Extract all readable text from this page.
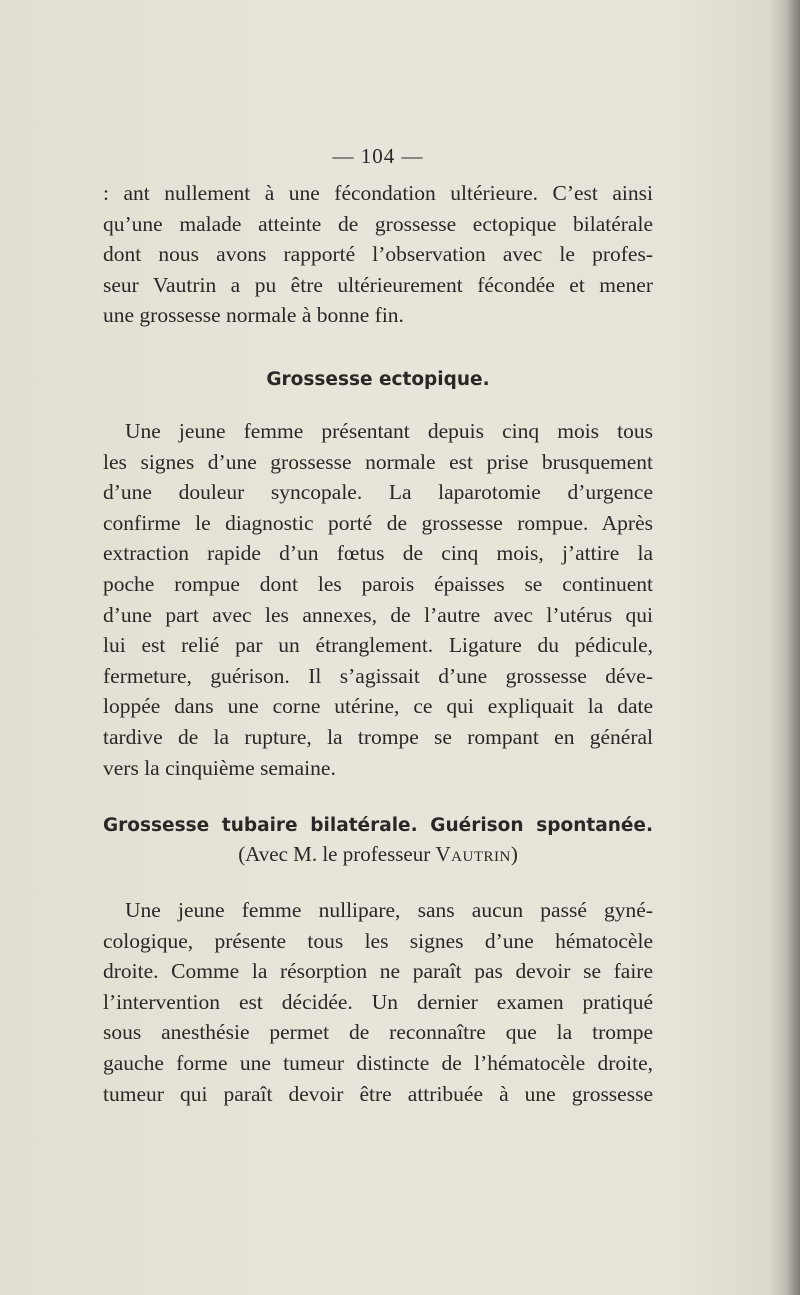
— 104 —
: ant nullement à une fécondation ultérieure. C’est ainsi
qu’une malade atteinte de grossesse ectopique bilatérale
dont nous avons rapporté l’observation avec le profes-
seur Vautrin a pu être ultérieurement fécondée et mener
une grossesse normale à bonne fin.
Grossesse ectopique.
Une jeune femme présentant depuis cinq mois tous
les signes d’une grossesse normale est prise brusquement
d’une douleur syncopale. La laparotomie d’urgence
confirme le diagnostic porté de grossesse rompue. Après
extraction rapide d’un fœtus de cinq mois, j’attire la
poche rompue dont les parois épaisses se continuent
d’une part avec les annexes, de l’autre avec l’utérus qui
lui est relié par un étranglement. Ligature du pédicule,
fermeture, guérison. Il s’agissait d’une grossesse déve-
loppée dans une corne utérine, ce qui expliquait la date
tardive de la rupture, la trompe se rompant en général
vers la cinquième semaine.
Grossesse tubaire bilatérale. Guérison spontanée.
(Avec M. le professeur Vautrin)
Une jeune femme nullipare, sans aucun passé gyné-
cologique, présente tous les signes d’une hématocèle
droite. Comme la résorption ne paraît pas devoir se faire
l’intervention est décidée. Un dernier examen pratiqué
sous anesthésie permet de reconnaître que la trompe
gauche forme une tumeur distincte de l’hématocèle droite,
tumeur qui paraît devoir être attribuée à une grossesse
